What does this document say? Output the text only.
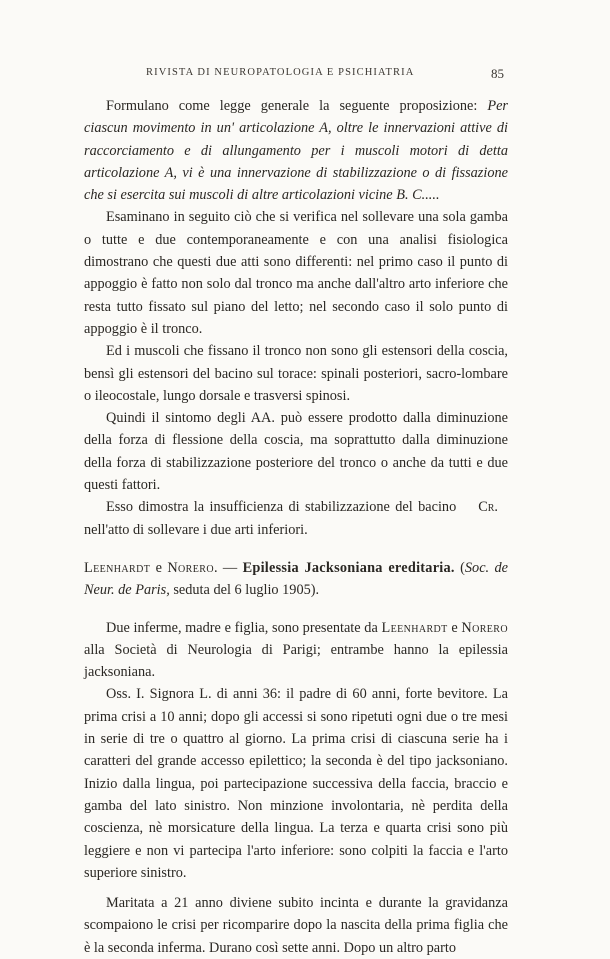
RIVISTA DI NEUROPATOLOGIA E PSICHIATRIA	85

Formulano come legge generale la seguente proposizione: Per ciascun movimento in un' articolazione A, oltre le innervazioni attive di raccorciamento e di allungamento per i muscoli motori di detta articolazione A, vi è una innervazione di stabilizzazione o di fissazione che si esercita sui muscoli di altre articolazioni vicine B. C.....

Esaminano in seguito ciò che si verifica nel sollevare una sola gamba o tutte e due contemporaneamente e con una analisi fisiologica dimostrano che questi due atti sono differenti: nel primo caso il punto di appoggio è fatto non solo dal tronco ma anche dall'altro arto inferiore che resta tutto fissato sul piano del letto; nel secondo caso il solo punto di appoggio è il tronco.

Ed i muscoli che fissano il tronco non sono gli estensori della coscia, bensì gli estensori del bacino sul torace: spinali posteriori, sacro-lombare o ileocostale, lungo dorsale e trasversi spinosi.

Quindi il sintomo degli AA. può essere prodotto dalla diminuzione della forza di flessione della coscia, ma soprattutto dalla diminuzione della forza di stabilizzazione posteriore del tronco o anche da tutti e due questi fattori.

Esso dimostra la insufficienza di stabilizzazione del bacino nell'atto di sollevare i due arti inferiori.
Cr.

Leenhardt e Norero. — Epilessia Jacksoniana ereditaria. (Soc. de Neur. de Paris, seduta del 6 luglio 1905).

Due inferme, madre e figlia, sono presentate da Leenhardt e Norero alla Società di Neurologia di Parigi; entrambe hanno la epilessia jacksoniana.

Oss. I. Signora L. di anni 36: il padre di 60 anni, forte bevitore. La prima crisi a 10 anni; dopo gli accessi si sono ripetuti ogni due o tre mesi in serie di tre o quattro al giorno. La prima crisi di ciascuna serie ha i caratteri del grande accesso epilettico; la seconda è del tipo jacksoniano. Inizio dalla lingua, poi partecipazione successiva della faccia, braccio e gamba del lato sinistro. Non minzione involontaria, nè perdita della coscienza, nè morsicature della lingua. La terza e quarta crisi sono più leggiere e non vi partecipa l'arto inferiore: sono colpiti la faccia e l'arto superiore sinistro.

Maritata a 21 anno diviene subito incinta e durante la gravidanza scompaiono le crisi per ricomparire dopo la nascita della prima figlia che è la seconda inferma. Durano così sette anni. Dopo un altro parto
